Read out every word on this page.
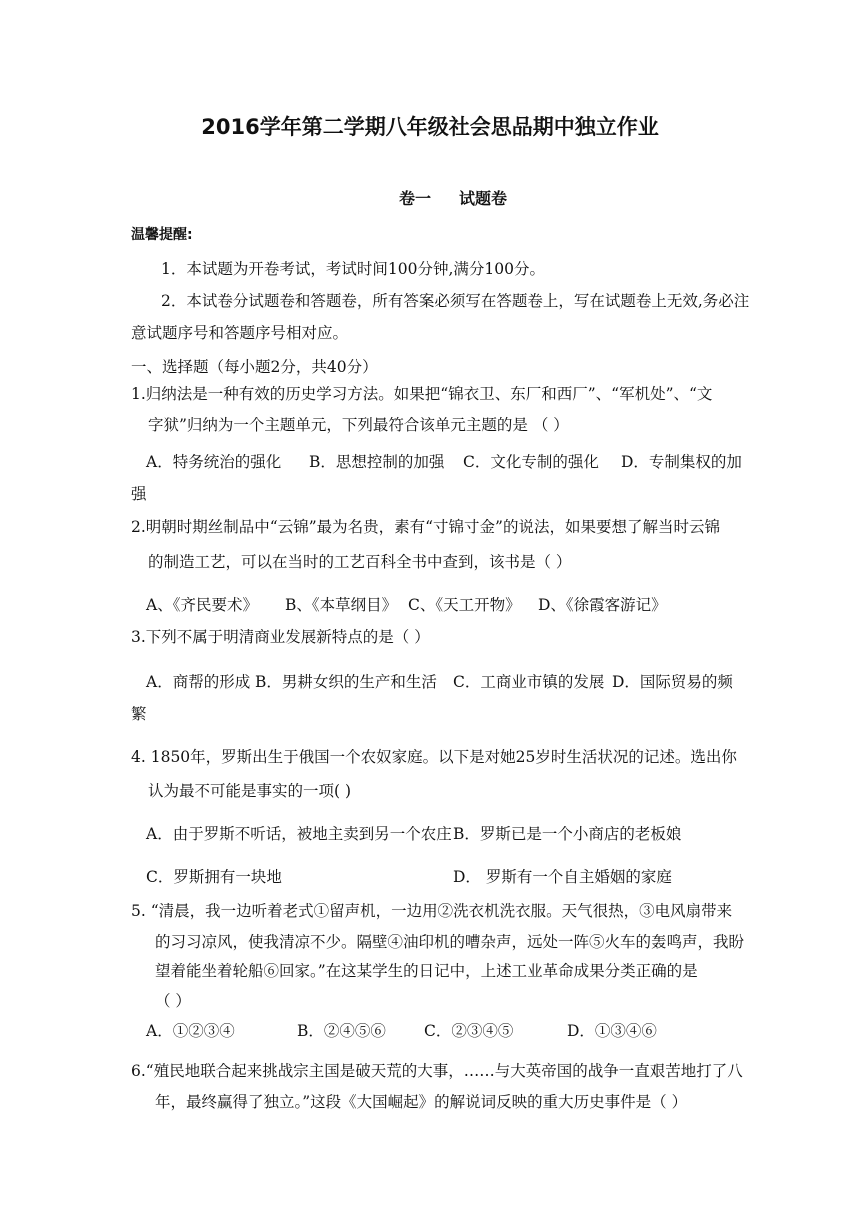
2016学年第二学期八年级社会思品期中独立作业
卷一 试题卷
温馨提醒:
1．本试题为开卷考试，考试时间100分钟,满分100分。
2．本试卷分试题卷和答题卷，所有答案必须写在答题卷上，写在试题卷上无效,务必注
意试题序号和答题序号相对应。
一、选择题（每小题2分，共40分）
1.归纳法是一种有效的历史学习方法。如果把“锦衣卫、东厂和西厂”、“军机处”、“文
字狱”归纳为一个主题单元，下列最符合该单元主题的是 （ ）
A．特务统治的强化 B．思想控制的加强 C．文化专制的强化 D．专制集权的加
强
2.明朝时期丝制品中“云锦”最为名贵，素有“寸锦寸金”的说法，如果要想了解当时云锦
的制造工艺，可以在当时的工艺百科全书中查到，该书是（ ）
A、《齐民要术》 B、《本草纲目》 C、《天工开物》 D、《徐霞客游记》
3.下列不属于明清商业发展新特点的是（ ）
A．商帮的形成 B．男耕女织的生产和生活 C．工商业市镇的发展 D．国际贸易的频
繁
4. 1850年，罗斯出生于俄国一个农奴家庭。以下是对她25岁时生活状况的记述。选出你
认为最不可能是事实的一项( )
A．由于罗斯不听话，被地主卖到另一个农庄B．罗斯已是一个小商店的老板娘
C．罗斯拥有一块地	D． 罗斯有一个自主婚姻的家庭
5. “清晨，我一边听着老式①留声机，一边用②洗衣机洗衣服。天气很热，③电风扇带来
的习习凉风，使我清凉不少。隔壁④油印机的嘈杂声，远处一阵⑤火车的轰鸣声，我盼
望着能坐着轮船⑥回家。”在这某学生的日记中，上述工业革命成果分类正确的是
（ ）
A．①②③④	B．②④⑤⑥ C．②③④⑤	D．①③④⑥
6.“殖民地联合起来挑战宗主国是破天荒的大事，……与大英帝国的战争一直艰苦地打了八
年，最终赢得了独立。”这段《大国崛起》的解说词反映的重大历史事件是（ ）
